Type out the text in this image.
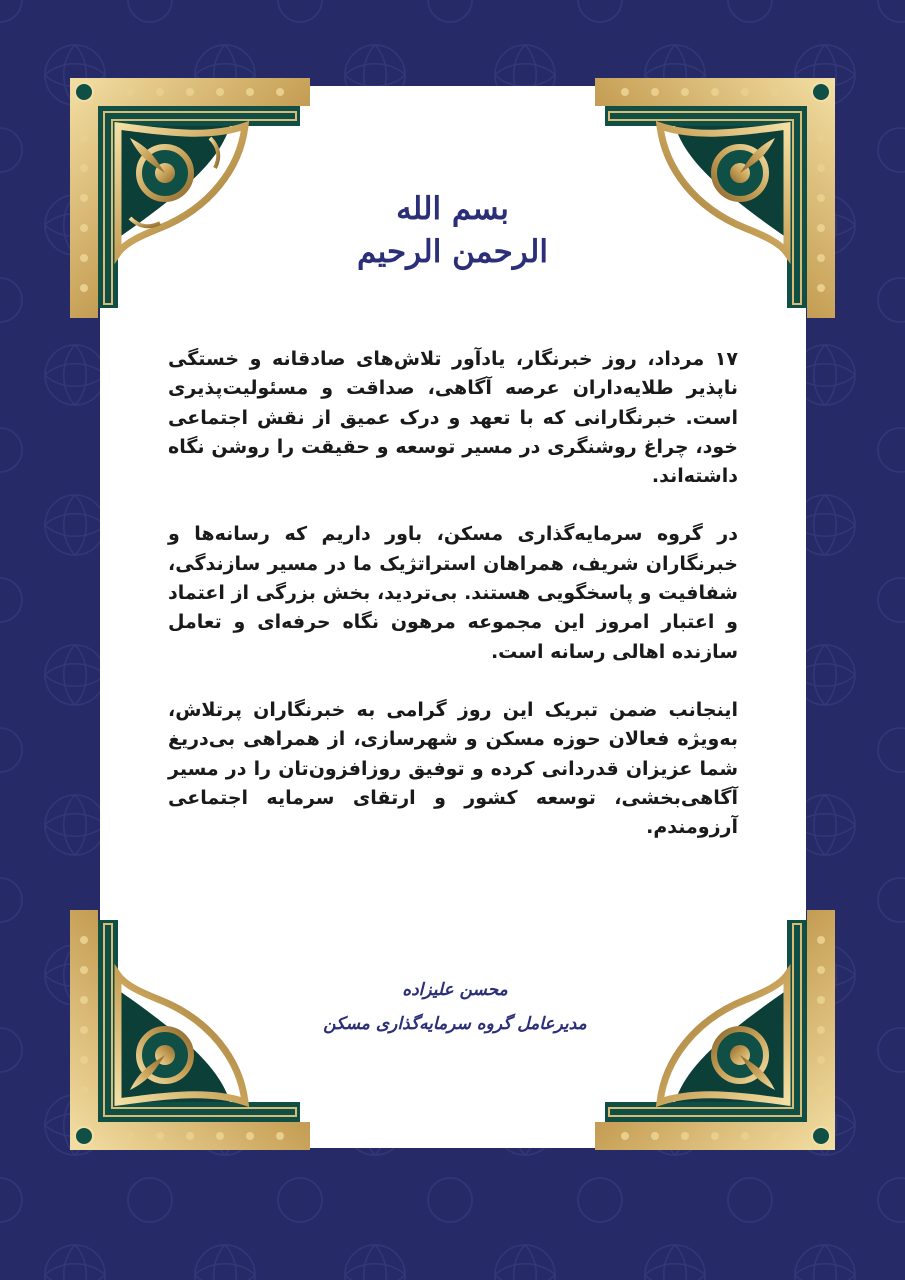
بسم الله الرحمن الرحیم

۱۷ مرداد، روز خبرنگار، یادآور تلاش‌های صادقانه و خستگی ناپذیر طلایه‌داران عرصه آگاهی، صداقت و مسئولیت‌پذیری است. خبرنگارانی که با تعهد و درک عمیق از نقش اجتماعی خود، چراغ روشنگری در مسیر توسعه و حقیقت را روشن نگاه داشته‌اند.

در گروه سرمایه‌گذاری مسکن، باور داریم که رسانه‌ها و خبرنگاران شریف، همراهان استراتژیک ما در مسیر سازندگی، شفافیت و پاسخگویی هستند. بی‌تردید، بخش بزرگی از اعتماد و اعتبار امروز این مجموعه مرهون نگاه حرفه‌ای و تعامل سازنده اهالی رسانه است.

اینجانب ضمن تبریک این روز گرامی به خبرنگاران پرتلاش، به‌ویژه فعالان حوزه مسکن و شهرسازی، از همراهی بی‌دریغ شما عزیزان قدردانی کرده و توفیق روزافزون‌تان را در مسیر آگاهی‌بخشی، توسعه کشور و ارتقای سرمایه اجتماعی آرزومندم.

محسن علیزاده
مدیرعامل گروه سرمایه‌گذاری مسکن
